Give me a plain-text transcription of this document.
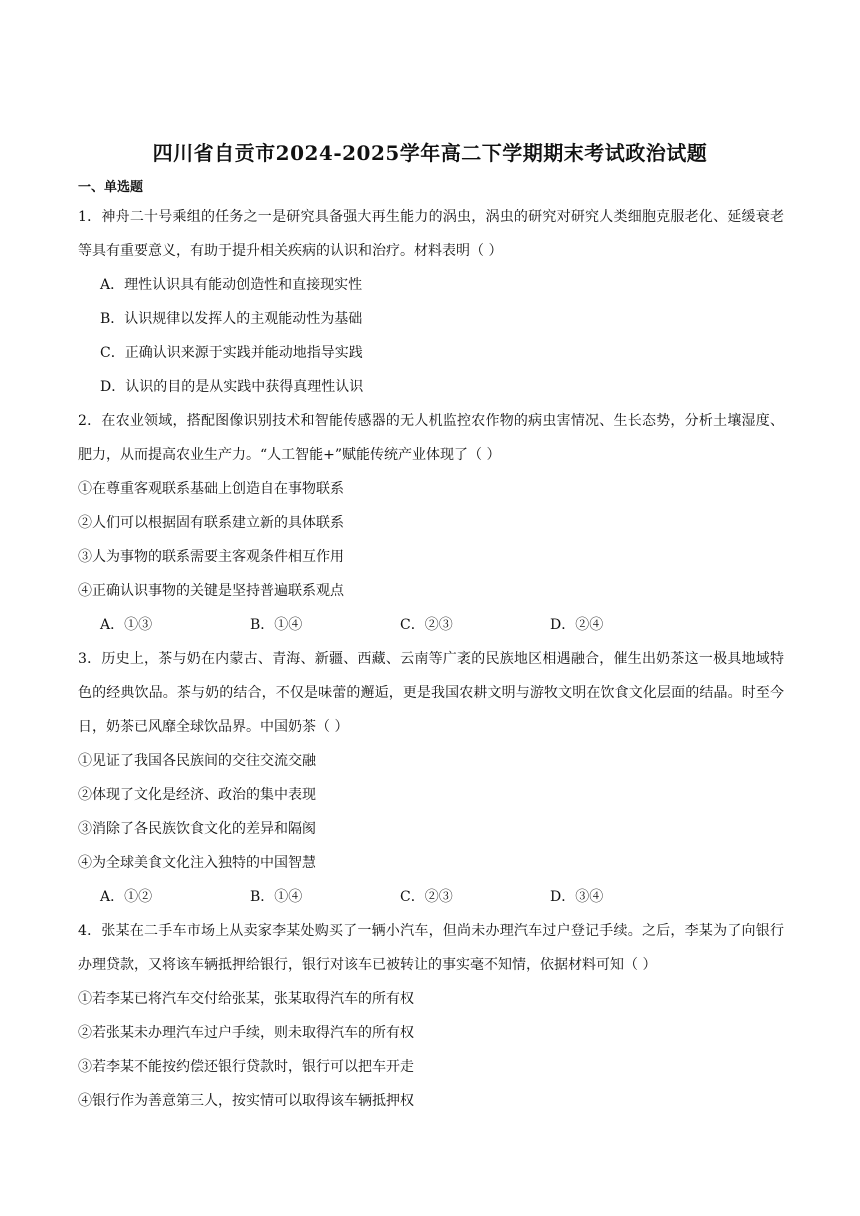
四川省自贡市2024-2025学年高二下学期期末考试政治试题
一、单选题

1．神舟二十号乘组的任务之一是研究具备强大再生能力的涡虫，涡虫的研究对研究人类细胞克服老化、延缓衰老等具有重要意义，有助于提升相关疾病的认识和治疗。材料表明（ ）

A．理性认识具有能动创造性和直接现实性

B．认识规律以发挥人的主观能动性为基础

C．正确认识来源于实践并能动地指导实践

D．认识的目的是从实践中获得真理性认识

2．在农业领域，搭配图像识别技术和智能传感器的无人机监控农作物的病虫害情况、生长态势，分析土壤湿度、肥力，从而提高农业生产力。“人工智能+”赋能传统产业体现了（ ）

①在尊重客观联系基础上创造自在事物联系

②人们可以根据固有联系建立新的具体联系

③人为事物的联系需要主客观条件相互作用

④正确认识事物的关键是坚持普遍联系观点

A．①③	B．①④	C．②③	D．②④

3．历史上，茶与奶在内蒙古、青海、新疆、西藏、云南等广袤的民族地区相遇融合，催生出奶茶这一极具地域特色的经典饮品。茶与奶的结合，不仅是味蕾的邂逅，更是我国农耕文明与游牧文明在饮食文化层面的结晶。时至今日，奶茶已风靡全球饮品界。中国奶茶（ ）

①见证了我国各民族间的交往交流交融

②体现了文化是经济、政治的集中表现

③消除了各民族饮食文化的差异和隔阂

④为全球美食文化注入独特的中国智慧

A．①②	B．①④	C．②③	D．③④

4．张某在二手车市场上从卖家李某处购买了一辆小汽车，但尚未办理汽车过户登记手续。之后，李某为了向银行办理贷款，又将该车辆抵押给银行，银行对该车已被转让的事实毫不知情，依据材料可知（ ）

①若李某已将汽车交付给张某，张某取得汽车的所有权

②若张某未办理汽车过户手续，则未取得汽车的所有权

③若李某不能按约偿还银行贷款时，银行可以把车开走

④银行作为善意第三人，按实情可以取得该车辆抵押权
